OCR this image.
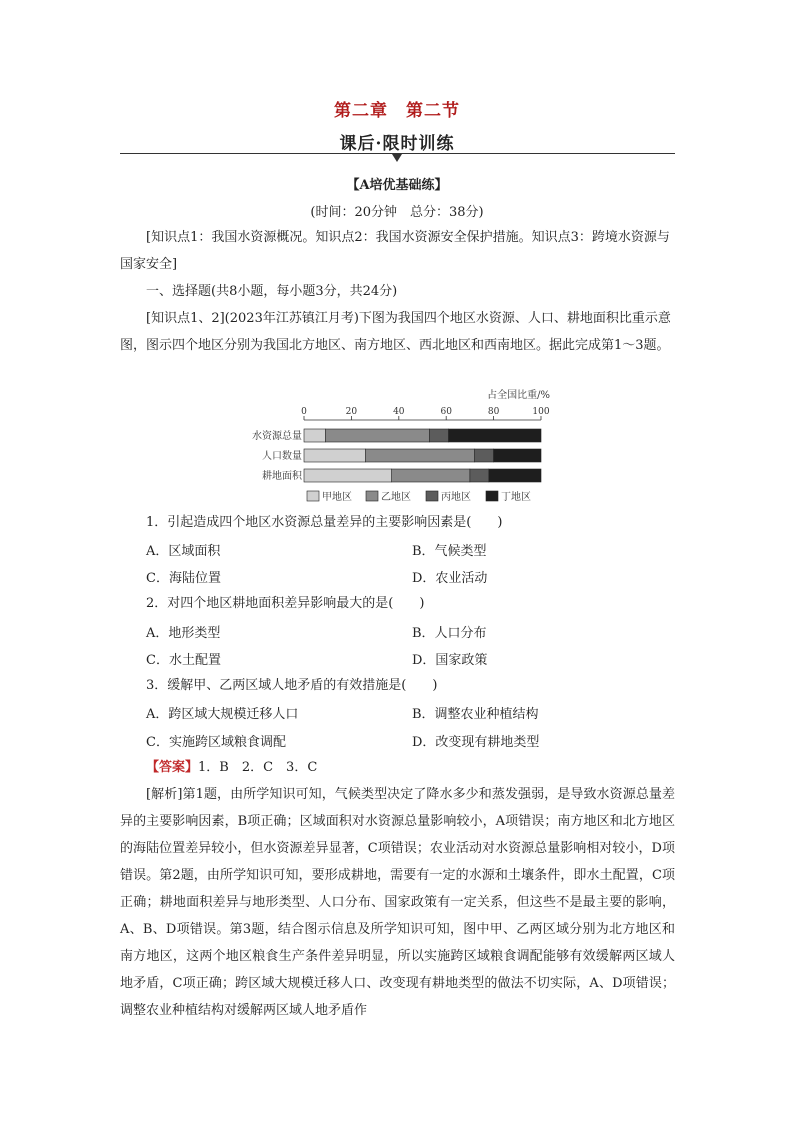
第二章　第二节
课后·限时训练
【A培优基础练】
(时间：20分钟　总分：38分)
[知识点1：我国水资源概况。知识点2：我国水资源安全保护措施。知识点3：跨境水资源与国家安全]
一、选择题(共8小题，每小题3分，共24分)
[知识点1、2](2023年江苏镇江月考)下图为我国四个地区水资源、人口、耕地面积比重示意图，图示四个地区分别为我国北方地区、南方地区、西北地区和西南地区。据此完成第1～3题。
占全国比重/%
0	20	40	60	80	100
水资源总量
人口数量
耕地面积
甲地区	乙地区	丙地区	丁地区
1．引起造成四个地区水资源总量差异的主要影响因素是(　　)
A．区域面积	B．气候类型
C．海陆位置	D．农业活动
2．对四个地区耕地面积差异影响最大的是(　　)
A．地形类型	B．人口分布
C．水土配置	D．国家政策
3．缓解甲、乙两区域人地矛盾的有效措施是(　　)
A．跨区域大规模迁移人口	B．调整农业种植结构
C．实施跨区域粮食调配	D．改变现有耕地类型
【答案】1．B　2．C　3．C
[解析]第1题，由所学知识可知，气候类型决定了降水多少和蒸发强弱，是导致水资源总量差异的主要影响因素，B项正确；区域面积对水资源总量影响较小，A项错误；南方地区和北方地区的海陆位置差异较小，但水资源差异显著，C项错误；农业活动对水资源总量影响相对较小，D项错误。第2题，由所学知识可知，要形成耕地，需要有一定的水源和土壤条件，即水土配置，C项正确；耕地面积差异与地形类型、人口分布、国家政策有一定关系，但这些不是最主要的影响，A、B、D项错误。第3题，结合图示信息及所学知识可知，图中甲、乙两区域分别为北方地区和南方地区，这两个地区粮食生产条件差异明显，所以实施跨区域粮食调配能够有效缓解两区域人地矛盾，C项正确；跨区域大规模迁移人口、改变现有耕地类型的做法不切实际，A、D项错误；调整农业种植结构对缓解两区域人地矛盾作
